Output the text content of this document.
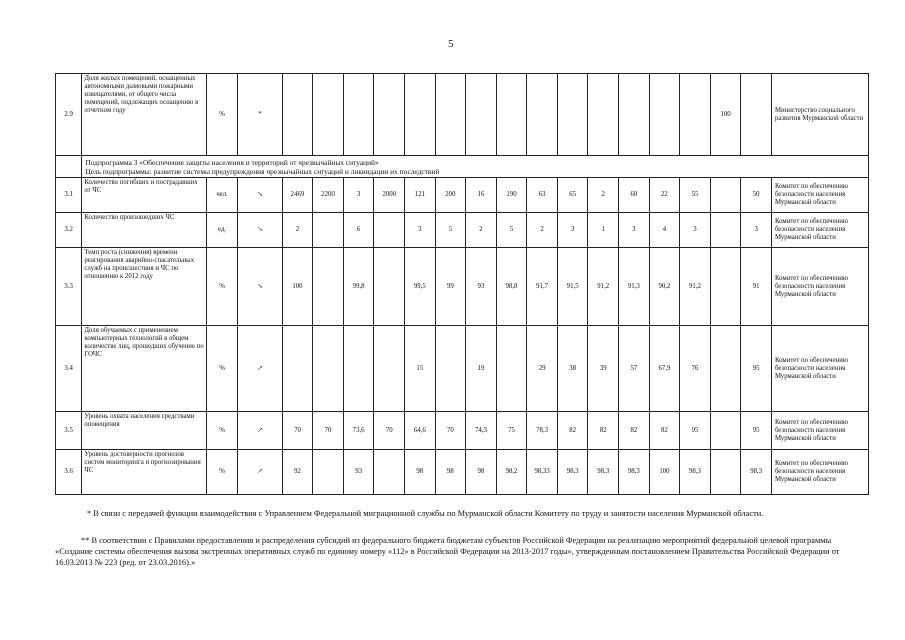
5
2.9	Доля жилых помещений, оснащенных автономными дымовыми пожарными извещателями, от общего числа помещений, подлежащих оснащению в отчетном году	%	*															100		Министерство социального развития Мурманской области

	Подпрограмма 3 «Обеспечение защиты населения и территорий от чрезвычайных ситуаций»
Цель подпрограммы: развитие системы предупреждения чрезвычайных ситуаций и ликвидации их последствий																			

3.1	Количество погибших и пострадавших от ЧС	чел.	↘	2469	2200	3	2000	121	200	16	190	63	65	2	60	22	55		50	Комитет по обеспечению безопасности населения Мурманской области
3.2	Количество произошедших ЧС	ед.	↘	2		6		3	5	2	5	2	3	1	3	4	3		3	Комитет по обеспечению безопасности населения Мурманской области
3.3	Темп роста (снижения) времени реагирования аварийно-спасательных служб на происшествия и ЧС по отношению к 2012 году	%	↘	100		99,8		99,5	99	93	98,8	91,7	91,5	91,2	91,3	90,2	91,2		91	Комитет по обеспечению безопасности населения Мурманской области
3.4	Доля обучаемых с применением компьютерных технологий в общем количестве лиц, прошедших обучение по ГОЧС	%	↗					15		19		29	38	39	57	67,9	76		95	Комитет по обеспечению безопасности населения Мурманской области
3.5	Уровень охвата населения средствами оповещения	%	↗	70	70	73,6	70	64,6	70	74,3	75	78,3	82	82	82	82	95		95	Комитет по обеспечению безопасности населения Мурманской области
3.6	Уровень достоверности прогнозов систем мониторинга и прогнозирования ЧС	%	↗	92		93		98	98	98	98,2	98,33	98,3	98,3	98,3	100	98,3		98,3	Комитет по обеспечению безопасности населения Мурманской области

* В связи с передачей функции взаимодействия с Управлением Федеральной миграционной службы по Мурманской области Комитету по труду и занятости населения Мурманской области.

** В соответствии с Правилами предоставления и распределения субсидий из федерального бюджета бюджетам субъектов Российской Федерации на реализацию мероприятий федеральной целевой программы «Создание системы обеспечения вызова экстренных оперативных служб по единому номеру «112» в Российской Федерации на 2013-2017 годы», утвержденным постановлением Правительства Российской Федерации от 16.03.2013 № 223 (ред. от 23.03.2016).»
